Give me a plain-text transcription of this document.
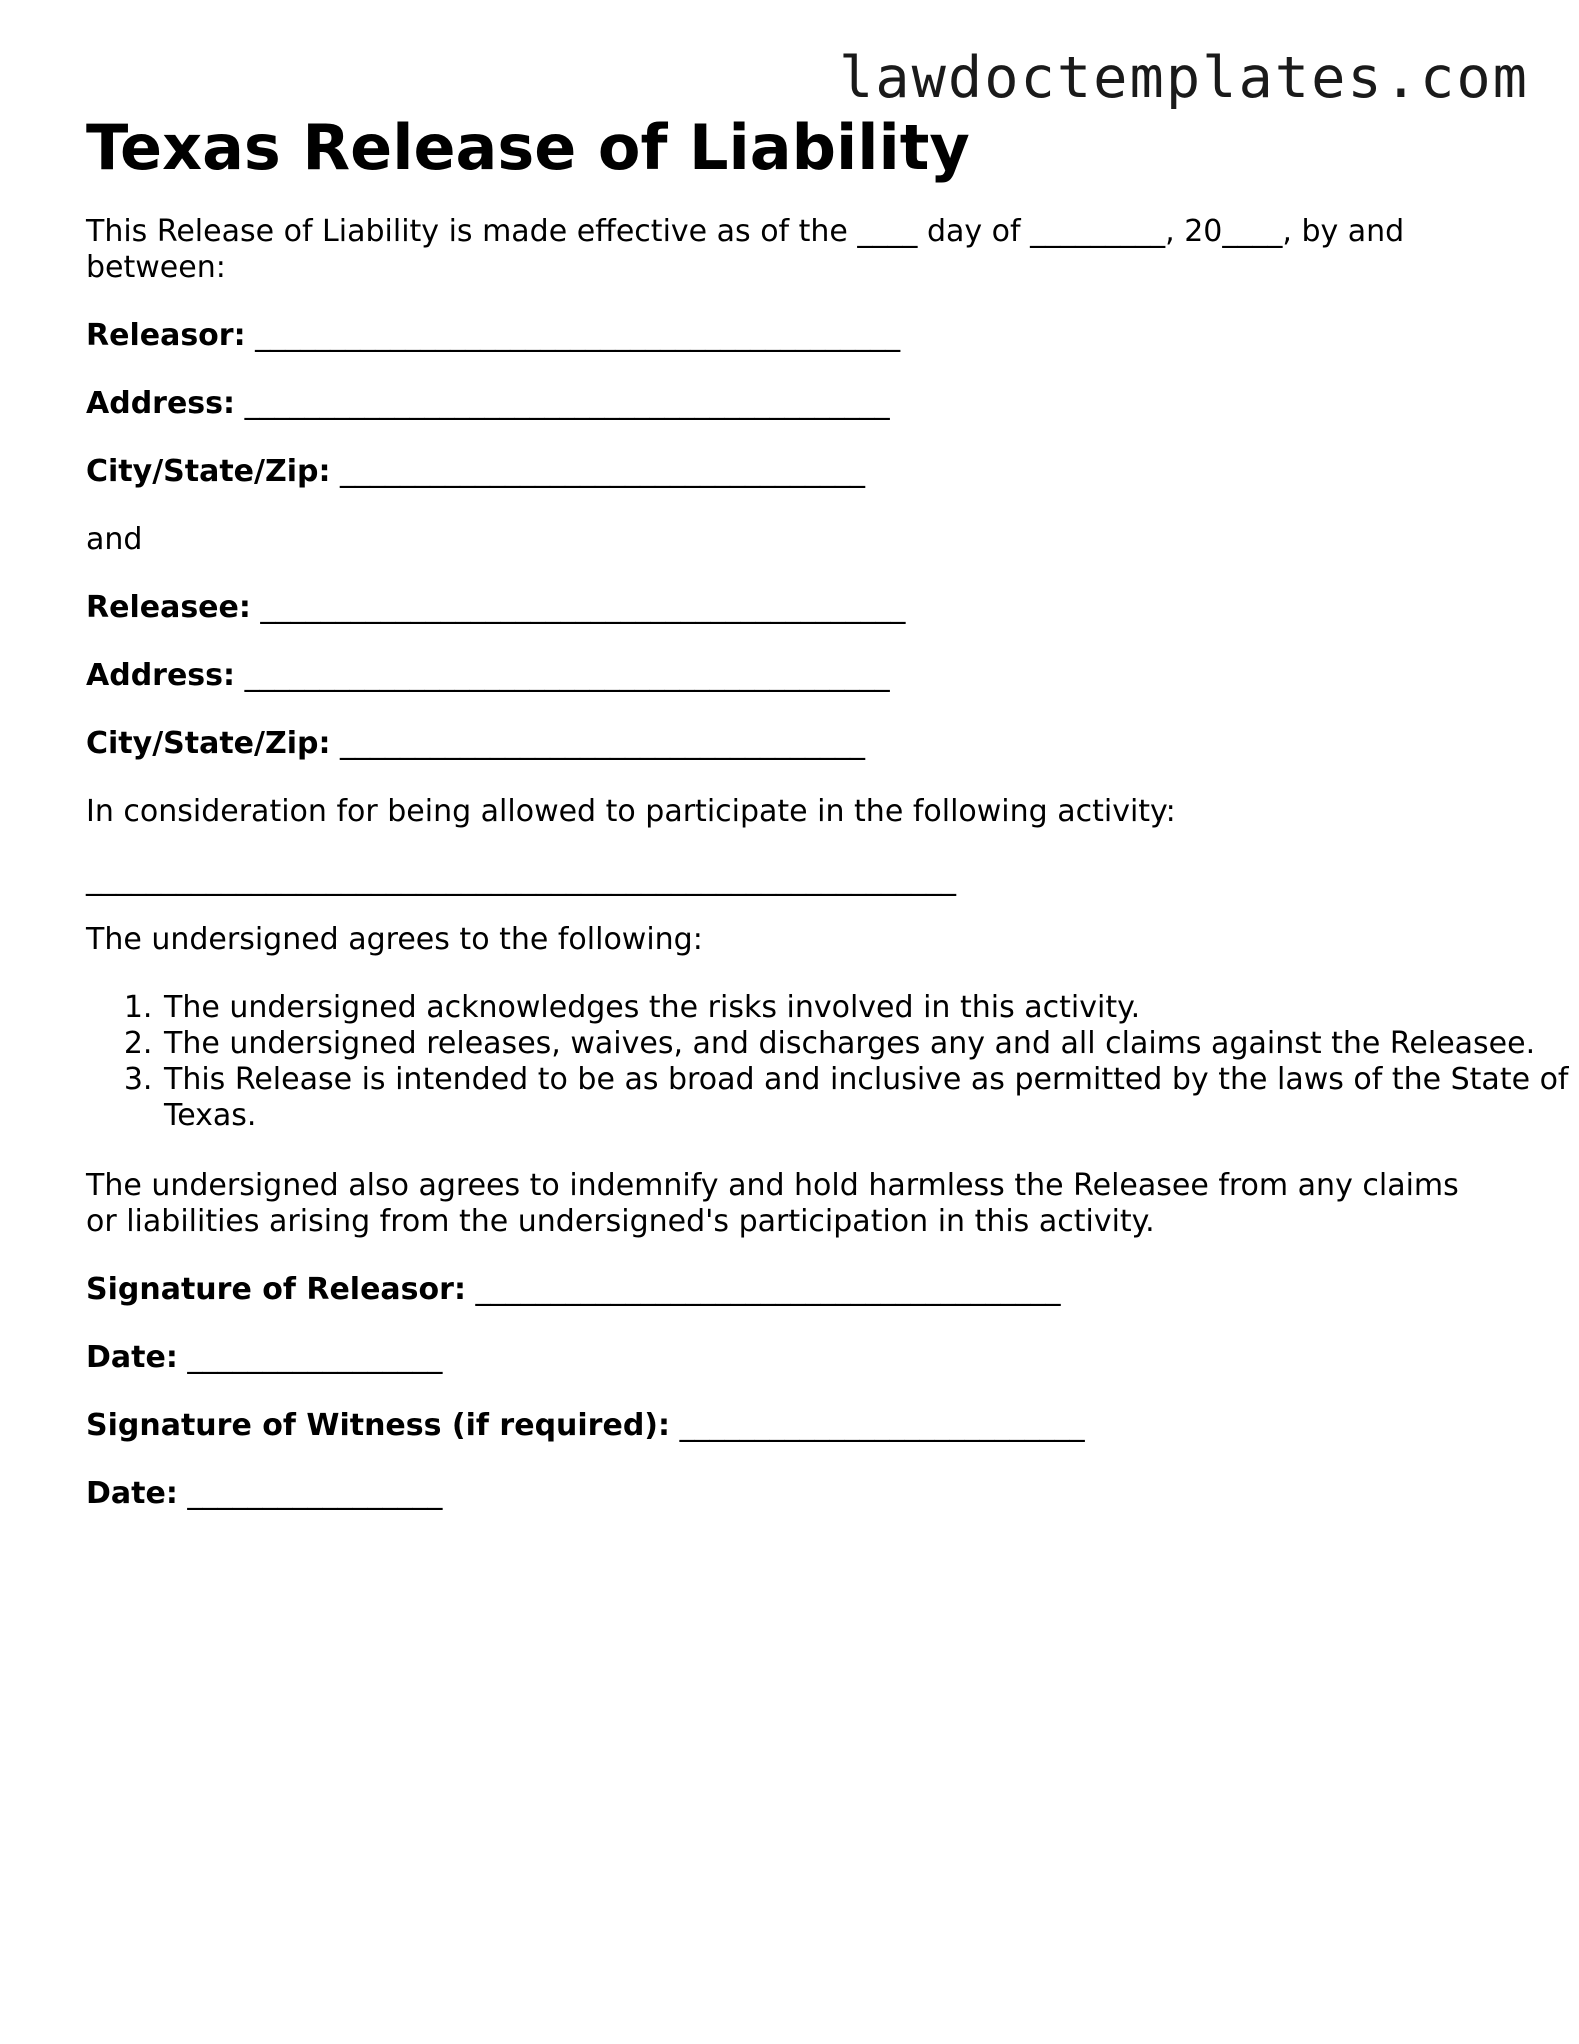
lawdoctemplates.com
Texas Release of Liability

This Release of Liability is made effective as of the ____ day of _________, 20____, by and between:

Releasor: ___________________________________________
Address: ___________________________________________
City/State/Zip: ___________________________________

and

Releasee: ___________________________________________
Address: ___________________________________________
City/State/Zip: ___________________________________

In consideration for being allowed to participate in the following activity:

__________________________________________________________

The undersigned agrees to the following:

1. The undersigned acknowledges the risks involved in this activity.
2. The undersigned releases, waives, and discharges any and all claims against the Releasee.
3. This Release is intended to be as broad and inclusive as permitted by the laws of the State of Texas.

The undersigned also agrees to indemnify and hold harmless the Releasee from any claims or liabilities arising from the undersigned's participation in this activity.

Signature of Releasor: _______________________________________
Date: _________________
Signature of Witness (if required): ___________________________
Date: _________________
